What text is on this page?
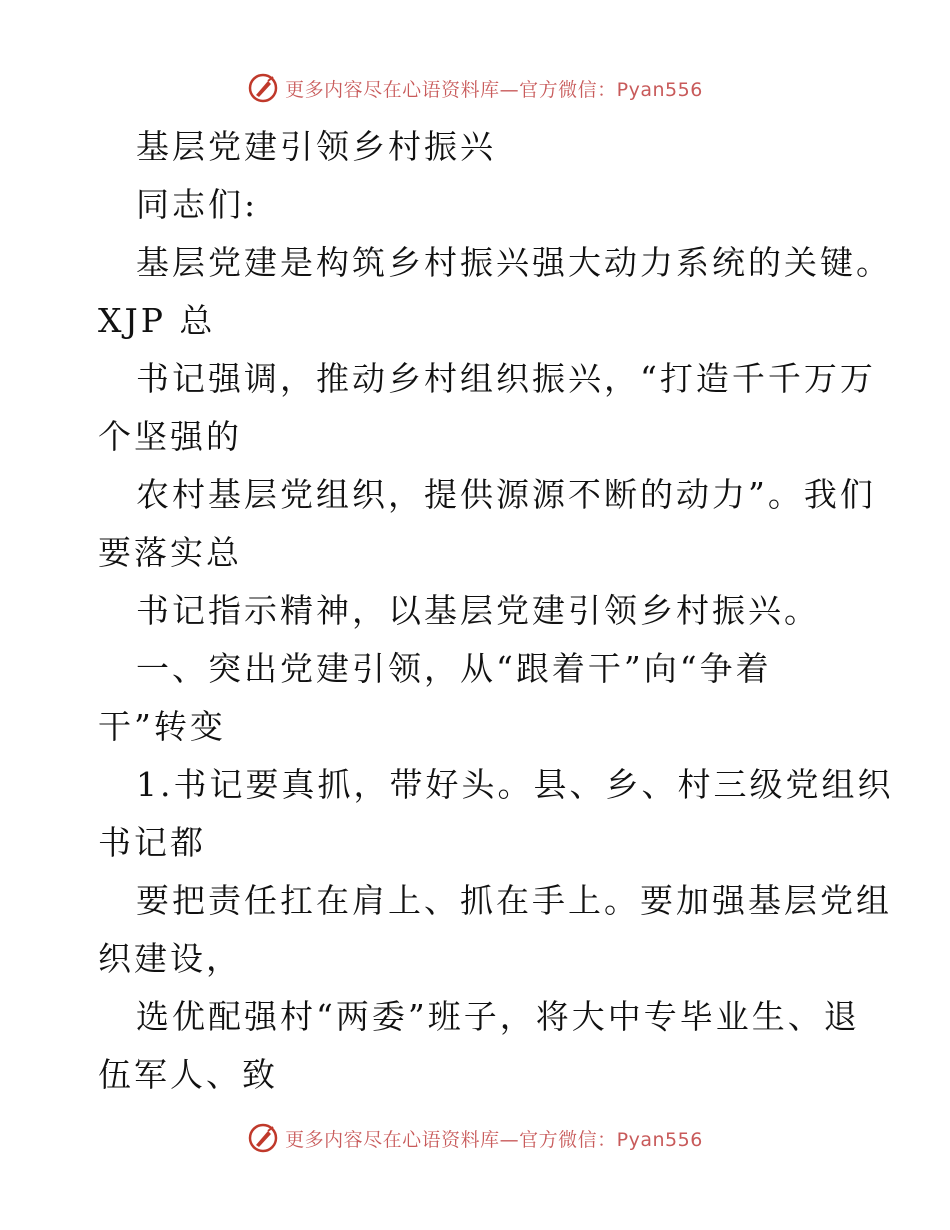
更多内容尽在心语资料库—官方微信：Pyan556
基层党建引领乡村振兴
同志们:
基层党建是构筑乡村振兴强大动力系统的关键。
XJP 总
书记强调，推动乡村组织振兴，“打造千千万万
个坚强的
农村基层党组织，提供源源不断的动力”。我们
要落实总
书记指示精神，以基层党建引领乡村振兴。
一、突出党建引领，从“跟着干”向“争着
干”转变
1.书记要真抓，带好头。县、乡、村三级党组织
书记都
要把责任扛在肩上、抓在手上。要加强基层党组
织建设，
选优配强村“两委”班子，将大中专毕业生、退
伍军人、致
更多内容尽在心语资料库—官方微信：Pyan556
